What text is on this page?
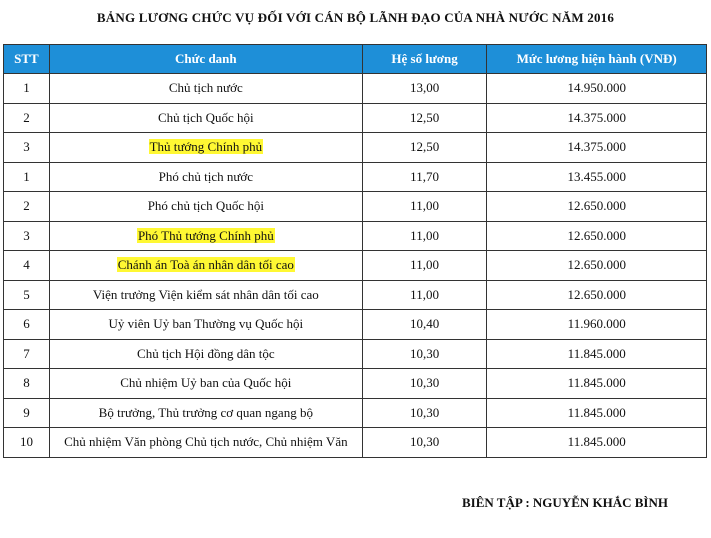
BẢNG LƯƠNG CHỨC VỤ ĐỐI VỚI CÁN BỘ LÃNH ĐẠO CỦA NHÀ NƯỚC NĂM 2016
STT	Chức danh	Hệ số lương	Mức lương hiện hành (VNĐ)
1	Chủ tịch nước	13,00	14.950.000
2	Chủ tịch Quốc hội	12,50	14.375.000
3	Thủ tướng Chính phủ	12,50	14.375.000
1	Phó chủ tịch nước	11,70	13.455.000
2	Phó chủ tịch Quốc hội	11,00	12.650.000
3	Phó Thủ tướng Chính phủ	11,00	12.650.000
4	Chánh án Toà án nhân dân tối cao	11,00	12.650.000
5	Viện trưởng Viện kiểm sát nhân dân tối cao	11,00	12.650.000
6	Uỷ viên Uỷ ban Thường vụ Quốc hội	10,40	11.960.000
7	Chủ tịch Hội đồng dân tộc	10,30	11.845.000
8	Chủ nhiệm Uỷ ban của Quốc hội	10,30	11.845.000
9	Bộ trưởng, Thủ trưởng cơ quan ngang bộ	10,30	11.845.000
10	Chủ nhiệm Văn phòng Chủ tịch nước, Chủ nhiệm Văn	10,30	11.845.000
BIÊN TẬP : NGUYỄN KHẮC BÌNH
